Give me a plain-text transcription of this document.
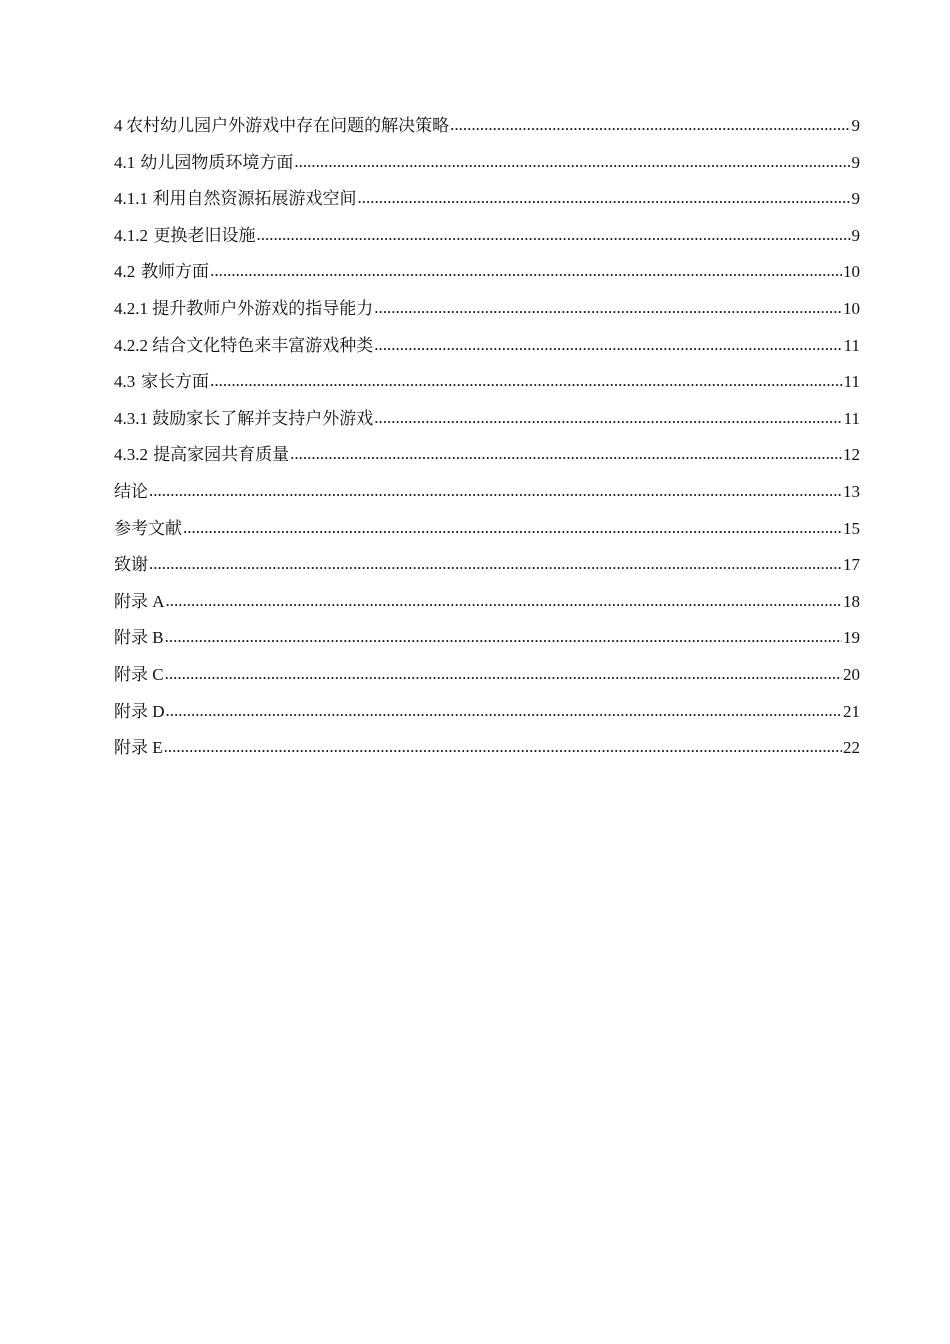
4 农村幼儿园户外游戏中存在问题的解决策略 .....	9
4.1 幼儿园物质环境方面 .....	9
4.1.1 利用自然资源拓展游戏空间 .....	9
4.1.2 更换老旧设施 .....	9
4.2 教师方面 .....	10
4.2.1 提升教师户外游戏的指导能力 .....	10
4.2.2 结合文化特色来丰富游戏种类 .....	11
4.3 家长方面 .....	11
4.3.1 鼓励家长了解并支持户外游戏 .....	11
4.3.2 提高家园共育质量 .....	12
结论 .....	13
参考文献 .....	15
致谢 .....	17
附录 A .....	18
附录 B .....	19
附录 C .....	20
附录 D .....	21
附录 E .....	22
